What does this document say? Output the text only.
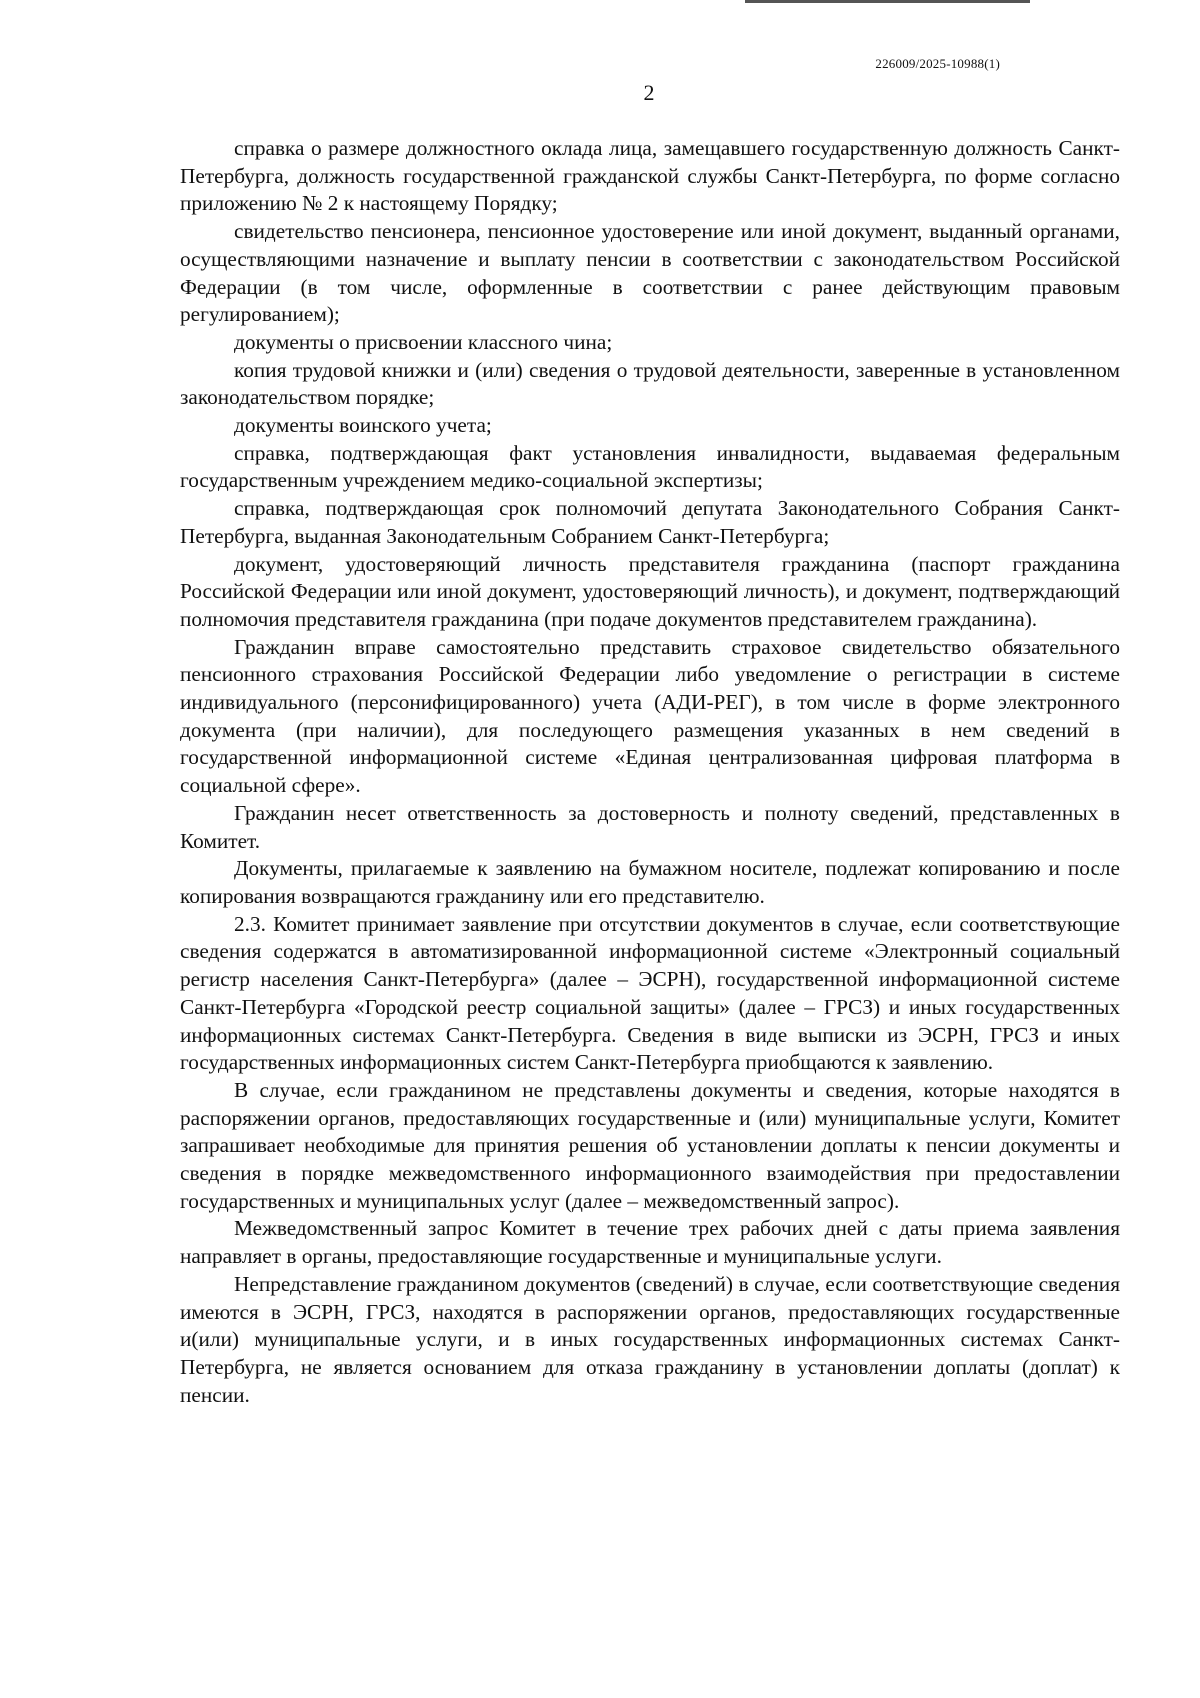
226009/2025-10988(1)
2

справка о размере должностного оклада лица, замещавшего государственную должность Санкт-Петербурга, должность государственной гражданской службы Санкт-Петербурга, по форме согласно приложению № 2 к настоящему Порядку;

свидетельство пенсионера, пенсионное удостоверение или иной документ, выданный органами, осуществляющими назначение и выплату пенсии в соответствии с законодательством Российской Федерации (в том числе, оформленные в соответствии с ранее действующим правовым регулированием);

документы о присвоении классного чина;

копия трудовой книжки и (или) сведения о трудовой деятельности, заверенные в установленном законодательством порядке;

документы воинского учета;

справка, подтверждающая факт установления инвалидности, выдаваемая федеральным государственным учреждением медико-социальной экспертизы;

справка, подтверждающая срок полномочий депутата Законодательного Собрания Санкт-Петербурга, выданная Законодательным Собранием Санкт-Петербурга;

документ, удостоверяющий личность представителя гражданина (паспорт гражданина Российской Федерации или иной документ, удостоверяющий личность), и документ, подтверждающий полномочия представителя гражданина (при подаче документов представителем гражданина).

Гражданин вправе самостоятельно представить страховое свидетельство обязательного пенсионного страхования Российской Федерации либо уведомление о регистрации в системе индивидуального (персонифицированного) учета (АДИ-РЕГ), в том числе в форме электронного документа (при наличии), для последующего размещения указанных в нем сведений в государственной информационной системе «Единая централизованная цифровая платформа в социальной сфере».

Гражданин несет ответственность за достоверность и полноту сведений, представленных в Комитет.

Документы, прилагаемые к заявлению на бумажном носителе, подлежат копированию и после копирования возвращаются гражданину или его представителю.

2.3. Комитет принимает заявление при отсутствии документов в случае, если соответствующие сведения содержатся в автоматизированной информационной системе «Электронный социальный регистр населения Санкт-Петербурга» (далее – ЭСРН), государственной информационной системе Санкт-Петербурга «Городской реестр социальной защиты» (далее – ГРСЗ) и иных государственных информационных системах Санкт-Петербурга. Сведения в виде выписки из ЭСРН, ГРСЗ и иных государственных информационных систем Санкт-Петербурга приобщаются к заявлению.

В случае, если гражданином не представлены документы и сведения, которые находятся в распоряжении органов, предоставляющих государственные и (или) муниципальные услуги, Комитет запрашивает необходимые для принятия решения об установлении доплаты к пенсии документы и сведения в порядке межведомственного информационного взаимодействия при предоставлении государственных и муниципальных услуг (далее – межведомственный запрос).

Межведомственный запрос Комитет в течение трех рабочих дней с даты приема заявления направляет в органы, предоставляющие государственные и муниципальные услуги.

Непредставление гражданином документов (сведений) в случае, если соответствующие сведения имеются в ЭСРН, ГРСЗ, находятся в распоряжении органов, предоставляющих государственные и(или) муниципальные услуги, и в иных государственных информационных системах Санкт-Петербурга, не является основанием для отказа гражданину в установлении доплаты (доплат) к пенсии.
